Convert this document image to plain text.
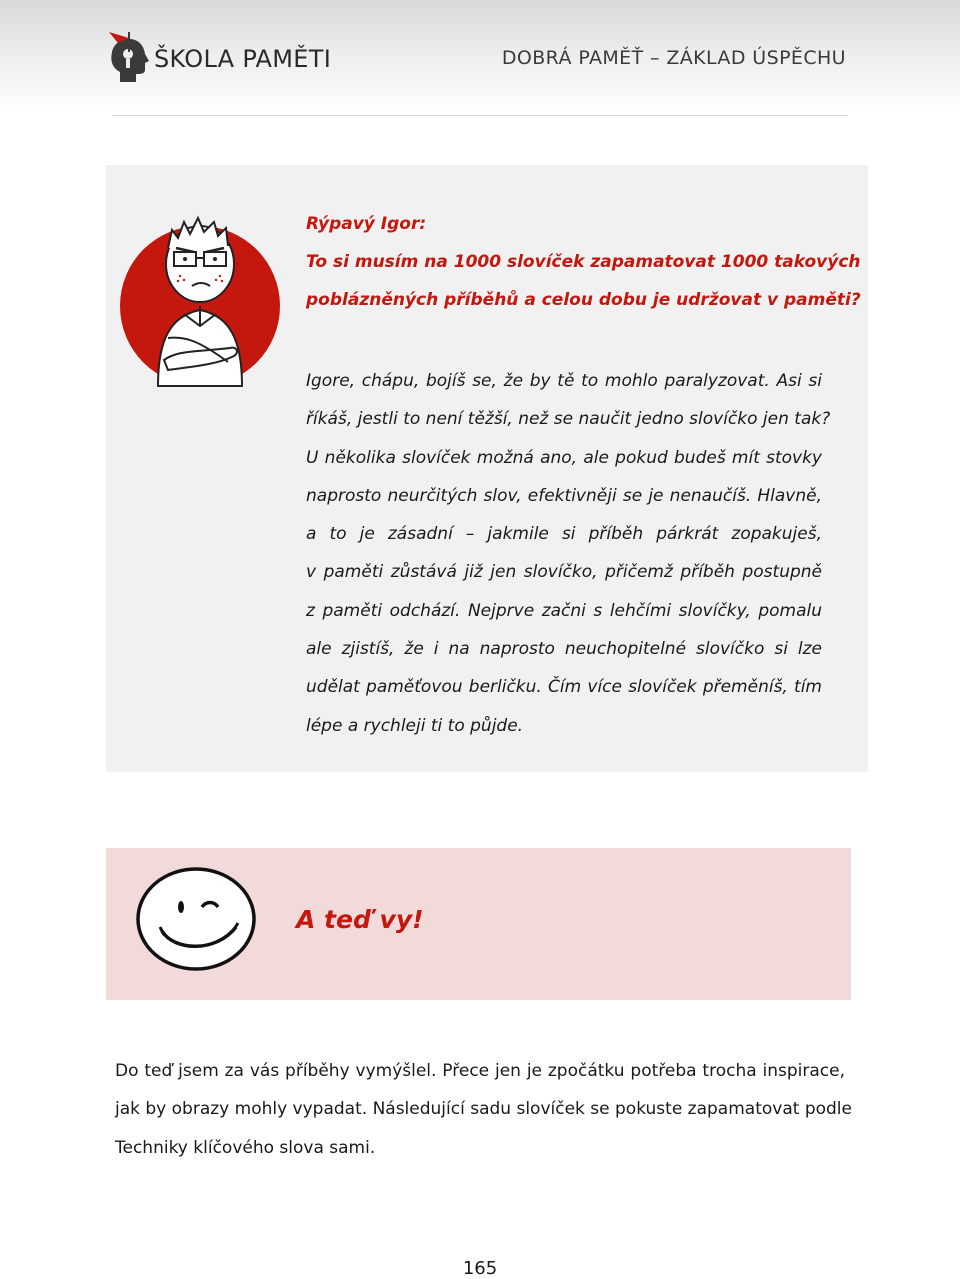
ŠKOLA PAMĚTI	DOBRÁ PAMĚŤ – ZÁKLAD ÚSPĚCHU
Rýpavý Igor:
To si musím na 1000 slovíček zapamatovat 1000 takových
poblázněných příběhů a celou dobu je udržovat v paměti?
Igore, chápu, bojíš se, že by tě to mohlo paralyzovat. Asi si
říkáš, jestli to není těžší, než se naučit jedno slovíčko jen tak?
U několika slovíček možná ano, ale pokud budeš mít stovky
naprosto neurčitých slov, efektivněji se je nenaučíš. Hlavně,
a to je zásadní – jakmile si příběh párkrát zopakuješ,
v paměti zůstává již jen slovíčko, přičemž příběh postupně
z paměti odchází. Nejprve začni s lehčími slovíčky, pomalu
ale zjistíš, že i na naprosto neuchopitelné slovíčko si lze
udělat paměťovou berličku. Čím více slovíček přeměníš, tím
lépe a rychleji ti to půjde.
A teď vy!
Do teď jsem za vás příběhy vymýšlel. Přece jen je zpočátku potřeba trocha inspirace,
jak by obrazy mohly vypadat. Následující sadu slovíček se pokuste zapamatovat podle
Techniky klíčového slova sami.
165
